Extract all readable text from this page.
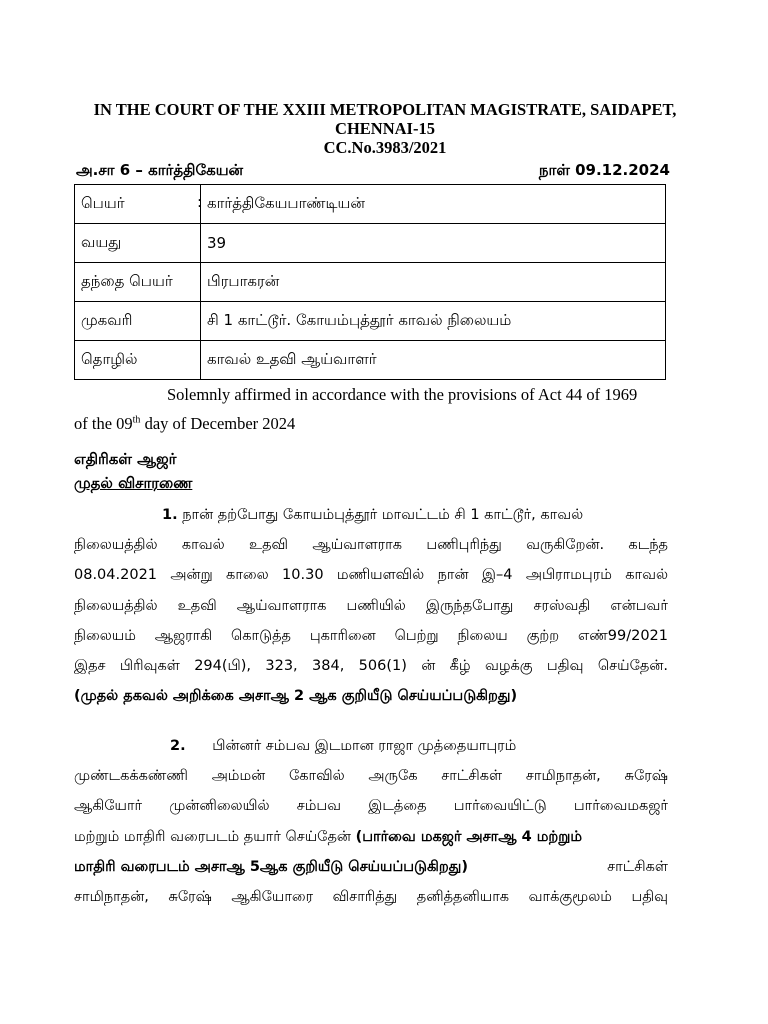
IN THE COURT OF THE XXIII METROPOLITAN MAGISTRATE, SAIDAPET,
CHENNAI-15
CC.No.3983/2021
அ.சா 6 – கார்த்திகேயன்	நாள் 09.12.2024
பெயர்	: கார்த்திகேயபாண்டியன்
வயது	39
தந்தை பெயர்	பிரபாகரன்
முகவரி	சி 1 காட்டூர். கோயம்புத்தூர் காவல் நிலையம்
தொழில்	காவல் உதவி ஆய்வாளர்
Solemnly affirmed in accordance with the provisions of Act 44 of 1969
of the 09th day of December 2024
எதிரிகள் ஆஜர்
முதல் விசாரணை
1. நான் தற்போது கோயம்புத்தூர் மாவட்டம் சி 1 காட்டூர், காவல்
நிலையத்தில் காவல் உதவி ஆய்வாளராக பணிபுரிந்து வருகிறேன். கடந்த
08.04.2021 அன்று காலை 10.30 மணியளவில் நான் இ–4 அபிராமபுரம் காவல்
நிலையத்தில் உதவி ஆய்வாளராக பணியில் இருந்தபோது சரஸ்வதி என்பவர்
நிலையம் ஆஜராகி கொடுத்த புகாரினை பெற்று நிலைய குற்ற எண்99/2021
இதச பிரிவுகள் 294(பி), 323, 384, 506(1) ன் கீழ் வழக்கு பதிவு செய்தேன்.
(முதல் தகவல் அறிக்கை அசாஆ 2 ஆக குறியீடு செய்யப்படுகிறது)
2. பின்னர் சம்பவ இடமான ராஜா முத்தையாபுரம்
முண்டகக்கண்ணி அம்மன் கோவில் அருகே சாட்சிகள் சாமிநாதன், சுரேஷ்
ஆகியோர் முன்னிலையில் சம்பவ இடத்தை பார்வையிட்டு பார்வைமகஜர்
மற்றும் மாதிரி வரைபடம் தயார் செய்தேன் (பார்வை மகஜர் அசாஆ 4 மற்றும்
மாதிரி வரைபடம் அசாஆ 5ஆக குறியீடு செய்யப்படுகிறது)	சாட்சிகள்
சாமிநாதன், சுரேஷ் ஆகியோரை விசாரித்து தனித்தனியாக வாக்குமூலம் பதிவு
